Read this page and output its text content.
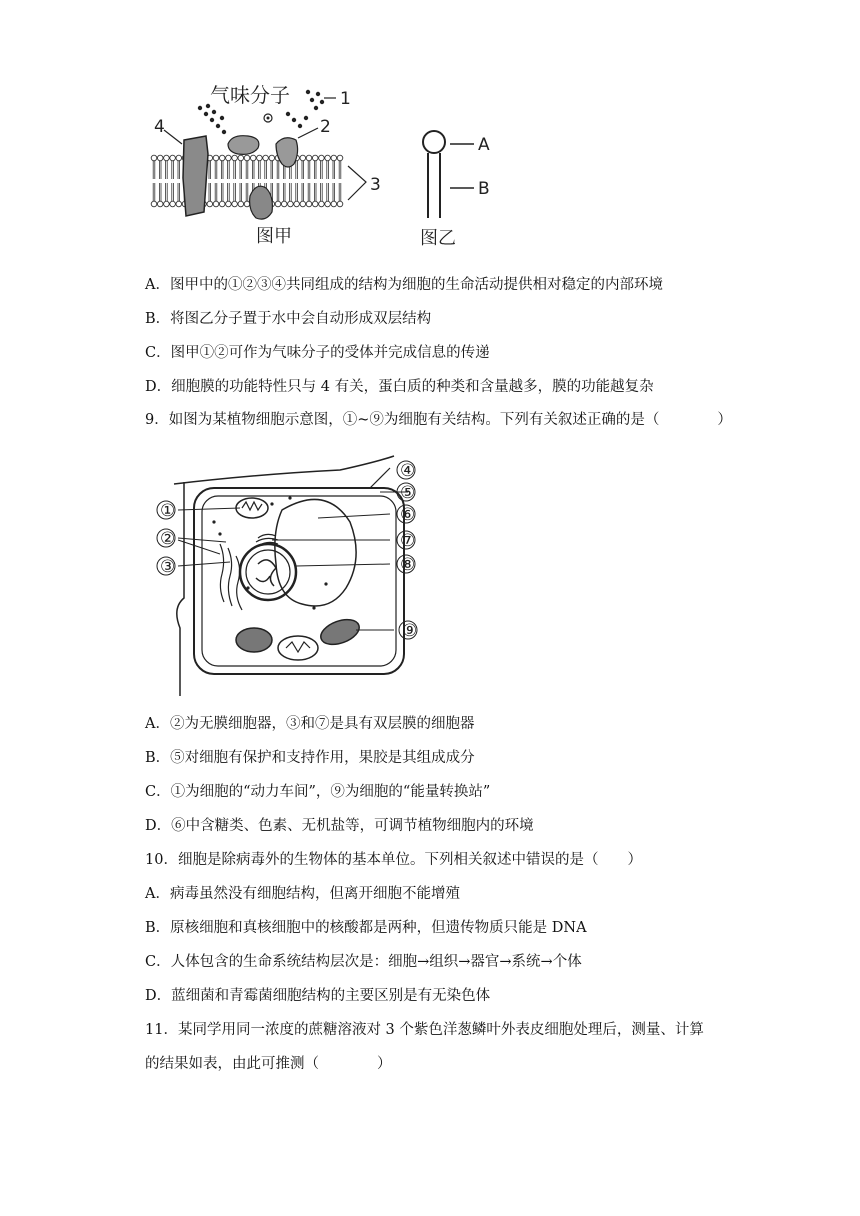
气味分子	1
2
3
4
图甲
A
B
图乙
A．图甲中的①②③④共同组成的结构为细胞的生命活动提供相对稳定的内部环境
B．将图乙分子置于水中会自动形成双层结构
C．图甲①②可作为气味分子的受体并完成信息的传递
D．细胞膜的功能特性只与 4 有关，蛋白质的种类和含量越多，膜的功能越复杂
9．如图为某植物细胞示意图，①~⑨为细胞有关结构。下列有关叙述正确的是（　　　　）
①
②
③
④
⑤
⑥
⑦
⑧
⑨
A．②为无膜细胞器，③和⑦是具有双层膜的细胞器
B．⑤对细胞有保护和支持作用，果胶是其组成成分
C．①为细胞的“动力车间”，⑨为细胞的“能量转换站”
D．⑥中含糖类、色素、无机盐等，可调节植物细胞内的环境
10．细胞是除病毒外的生物体的基本单位。下列相关叙述中错误的是（　　）
A．病毒虽然没有细胞结构，但离开细胞不能增殖
B．原核细胞和真核细胞中的核酸都是两种，但遗传物质只能是 DNA
C．人体包含的生命系统结构层次是：细胞→组织→器官→系统→个体
D．蓝细菌和青霉菌细胞结构的主要区别是有无染色体
11．某同学用同一浓度的蔗糖溶液对 3 个紫色洋葱鳞叶外表皮细胞处理后，测量、计算
的结果如表，由此可推测（　　　　）
